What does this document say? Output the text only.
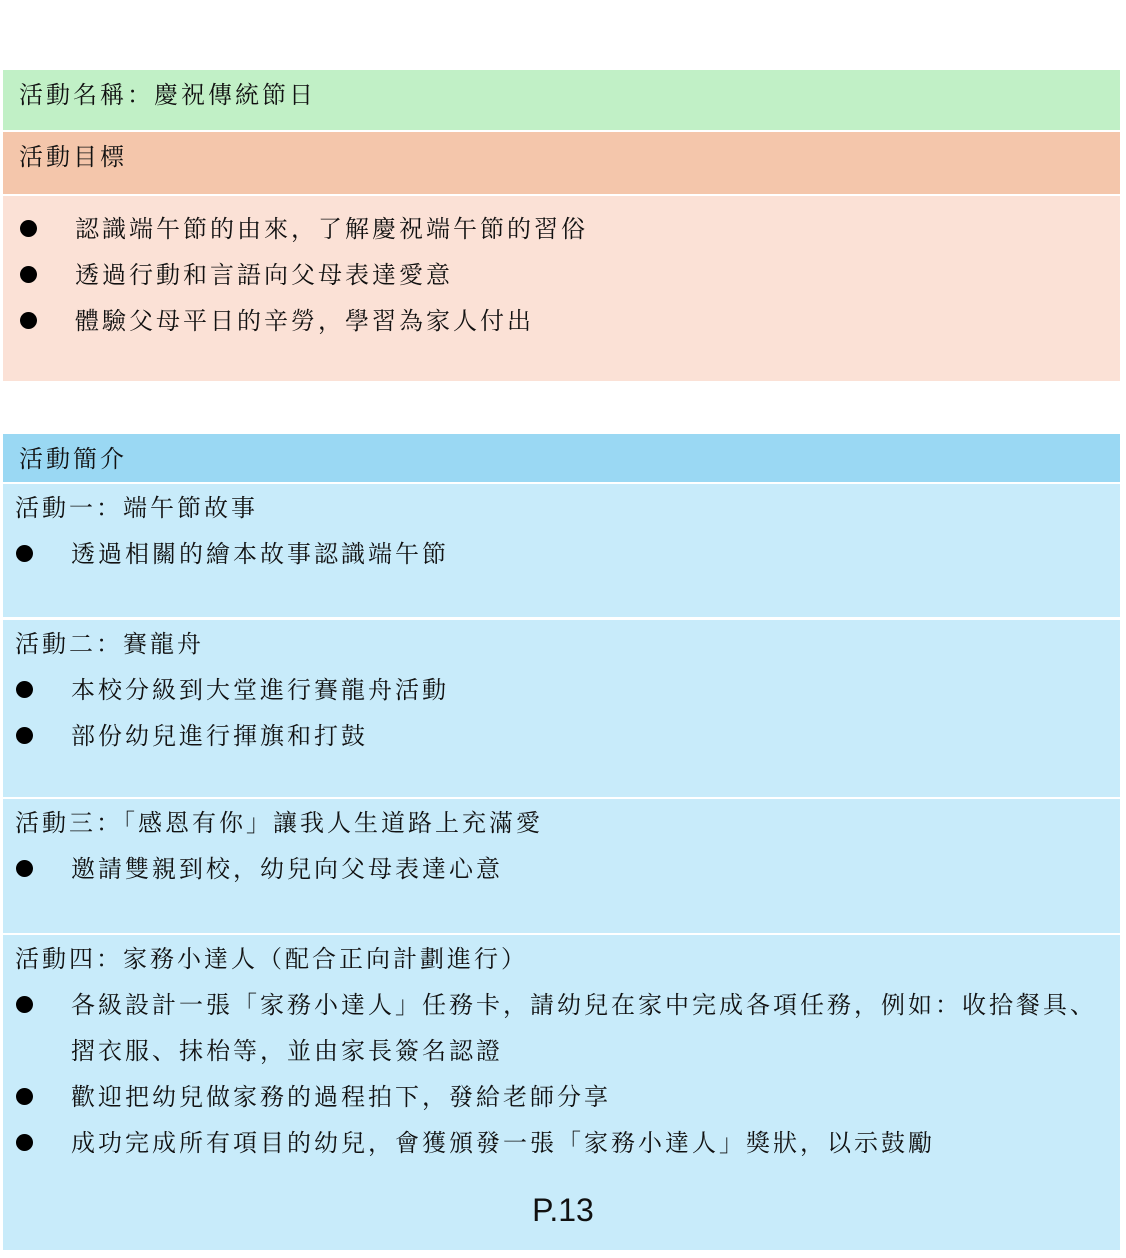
活動名稱：慶祝傳統節日
活動目標
認識端午節的由來，了解慶祝端午節的習俗
透過行動和言語向父母表達愛意
體驗父母平日的辛勞，學習為家人付出
活動簡介
活動一：端午節故事
透過相關的繪本故事認識端午節
活動二：賽龍舟
本校分級到大堂進行賽龍舟活動
部份幼兒進行揮旗和打鼓
活動三：「感恩有你」讓我人生道路上充滿愛
邀請雙親到校，幼兒向父母表達心意
活動四：家務小達人（配合正向計劃進行）
各級設計一張「家務小達人」任務卡，請幼兒在家中完成各項任務，例如：收拾餐具、摺衣服、抹枱等，並由家長簽名認證
歡迎把幼兒做家務的過程拍下，發給老師分享
成功完成所有項目的幼兒，會獲頒發一張「家務小達人」獎狀，以示鼓勵
P.13
